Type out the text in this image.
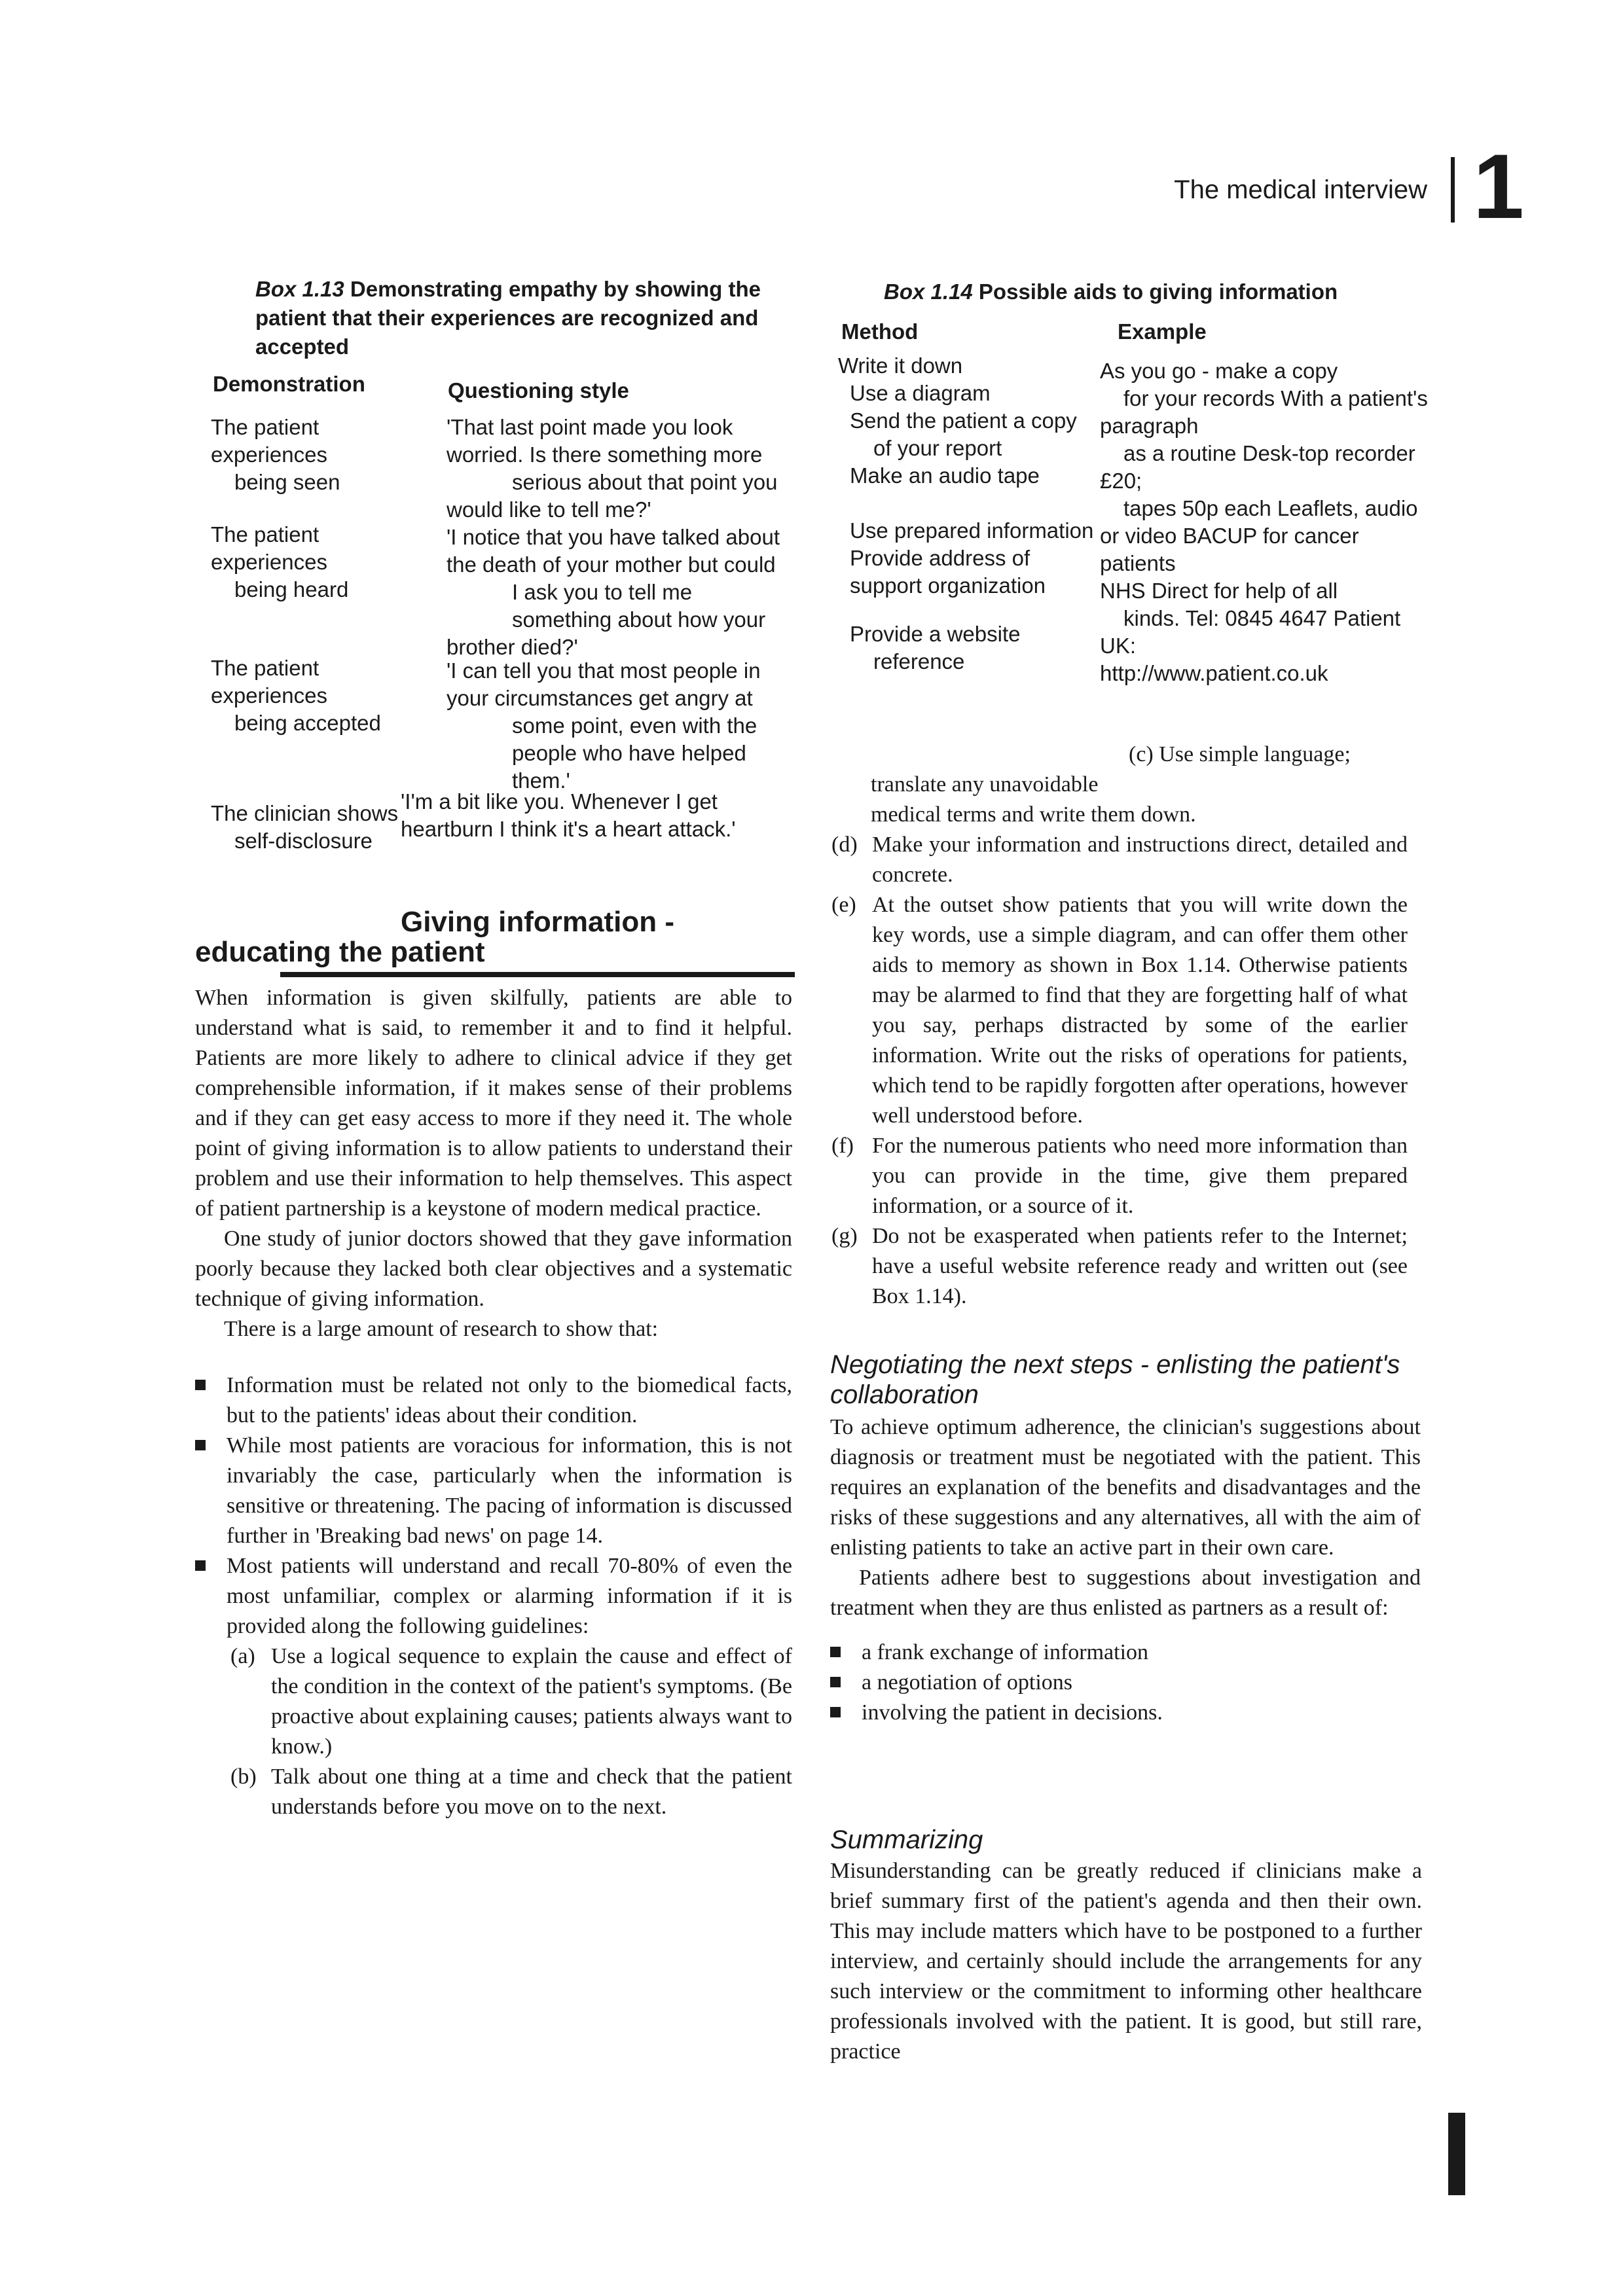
The medical interview 1
Box 1.13 Demonstrating empathy by showing the patient that their experiences are recognized and accepted
Demonstration	Questioning style
The patient experiences
being seen
'That last point made you look
worried. Is there something more
serious about that point you
would like to tell me?'
The patient experiences
being heard
'I notice that you have talked about
the death of your mother but could
I ask you to tell me
something about how your
brother died?'
The patient experiences
being accepted
'I can tell you that most people in
your circumstances get angry at
some point, even with the
people who have helped
them.'
The clinician shows
self-disclosure
'I'm a bit like you. Whenever I get
heartburn I think it's a heart attack.'
Box 1.14 Possible aids to giving information
Method	Example
Write it down
Use a diagram
Send the patient a copy
of your report
Make an audio tape
Use prepared information
Provide address of
support organization
Provide a website
reference
As you go - make a copy
for your records With a patient's
paragraph
as a routine Desk-top recorder
£20;
tapes 50p each Leaflets, audio
or video BACUP for cancer
patients
NHS Direct for help of all
kinds. Tel: 0845 4647 Patient
UK:
http://www.patient.co.uk
Giving information -
educating the patient

When information is given skilfully, patients are able to understand what is said, to remember it and to find it helpful. Patients are more likely to adhere to clinical advice if they get comprehensible information, if it makes sense of their problems and if they can get easy access to more if they need it. The whole point of giving information is to allow patients to understand their problem and use their information to help themselves. This aspect of patient partnership is a keystone of modern medical practice.

One study of junior doctors showed that they gave information poorly because they lacked both clear objectives and a systematic technique of giving information.

There is a large amount of research to show that:

Information must be related not only to the biomedical facts, but to the patients' ideas about their condition.
While most patients are voracious for information, this is not invariably the case, particularly when the information is sensitive or threatening. The pacing of information is discussed further in 'Breaking bad news' on page 14.
Most patients will understand and recall 70-80% of even the most unfamiliar, complex or alarming information if it is provided along the following guidelines:
(a) Use a logical sequence to explain the cause and effect of the condition in the context of the patient's symptoms. (Be proactive about explaining causes; patients always want to know.)
(b) Talk about one thing at a time and check that the patient understands before you move on to the next.
(c) Use simple language;
translate any unavoidable
medical terms and write them down.
(d) Make your information and instructions direct, detailed and concrete.
(e) At the outset show patients that you will write down the key words, use a simple diagram, and can offer them other aids to memory as shown in Box 1.14. Otherwise patients may be alarmed to find that they are forgetting half of what you say, perhaps distracted by some of the earlier information. Write out the risks of operations for patients, which tend to be rapidly forgotten after operations, however well understood before.
(f) For the numerous patients who need more information than you can provide in the time, give them prepared information, or a source of it.
(g) Do not be exasperated when patients refer to the Internet; have a useful website reference ready and written out (see Box 1.14).
Negotiating the next steps - enlisting the patient's collaboration

To achieve optimum adherence, the clinician's suggestions about diagnosis or treatment must be negotiated with the patient. This requires an explanation of the benefits and disadvantages and the risks of these suggestions and any alternatives, all with the aim of enlisting patients to take an active part in their own care.

Patients adhere best to suggestions about investigation and treatment when they are thus enlisted as partners as a result of:

a frank exchange of information
a negotiation of options
involving the patient in decisions.
Summarizing
Misunderstanding can be greatly reduced if clinicians make a brief summary first of the patient's agenda and then their own. This may include matters which have to be postponed to a further interview, and certainly should include the arrangements for any such interview or the commitment to informing other healthcare professionals involved with the patient. It is good, but still rare, practice
